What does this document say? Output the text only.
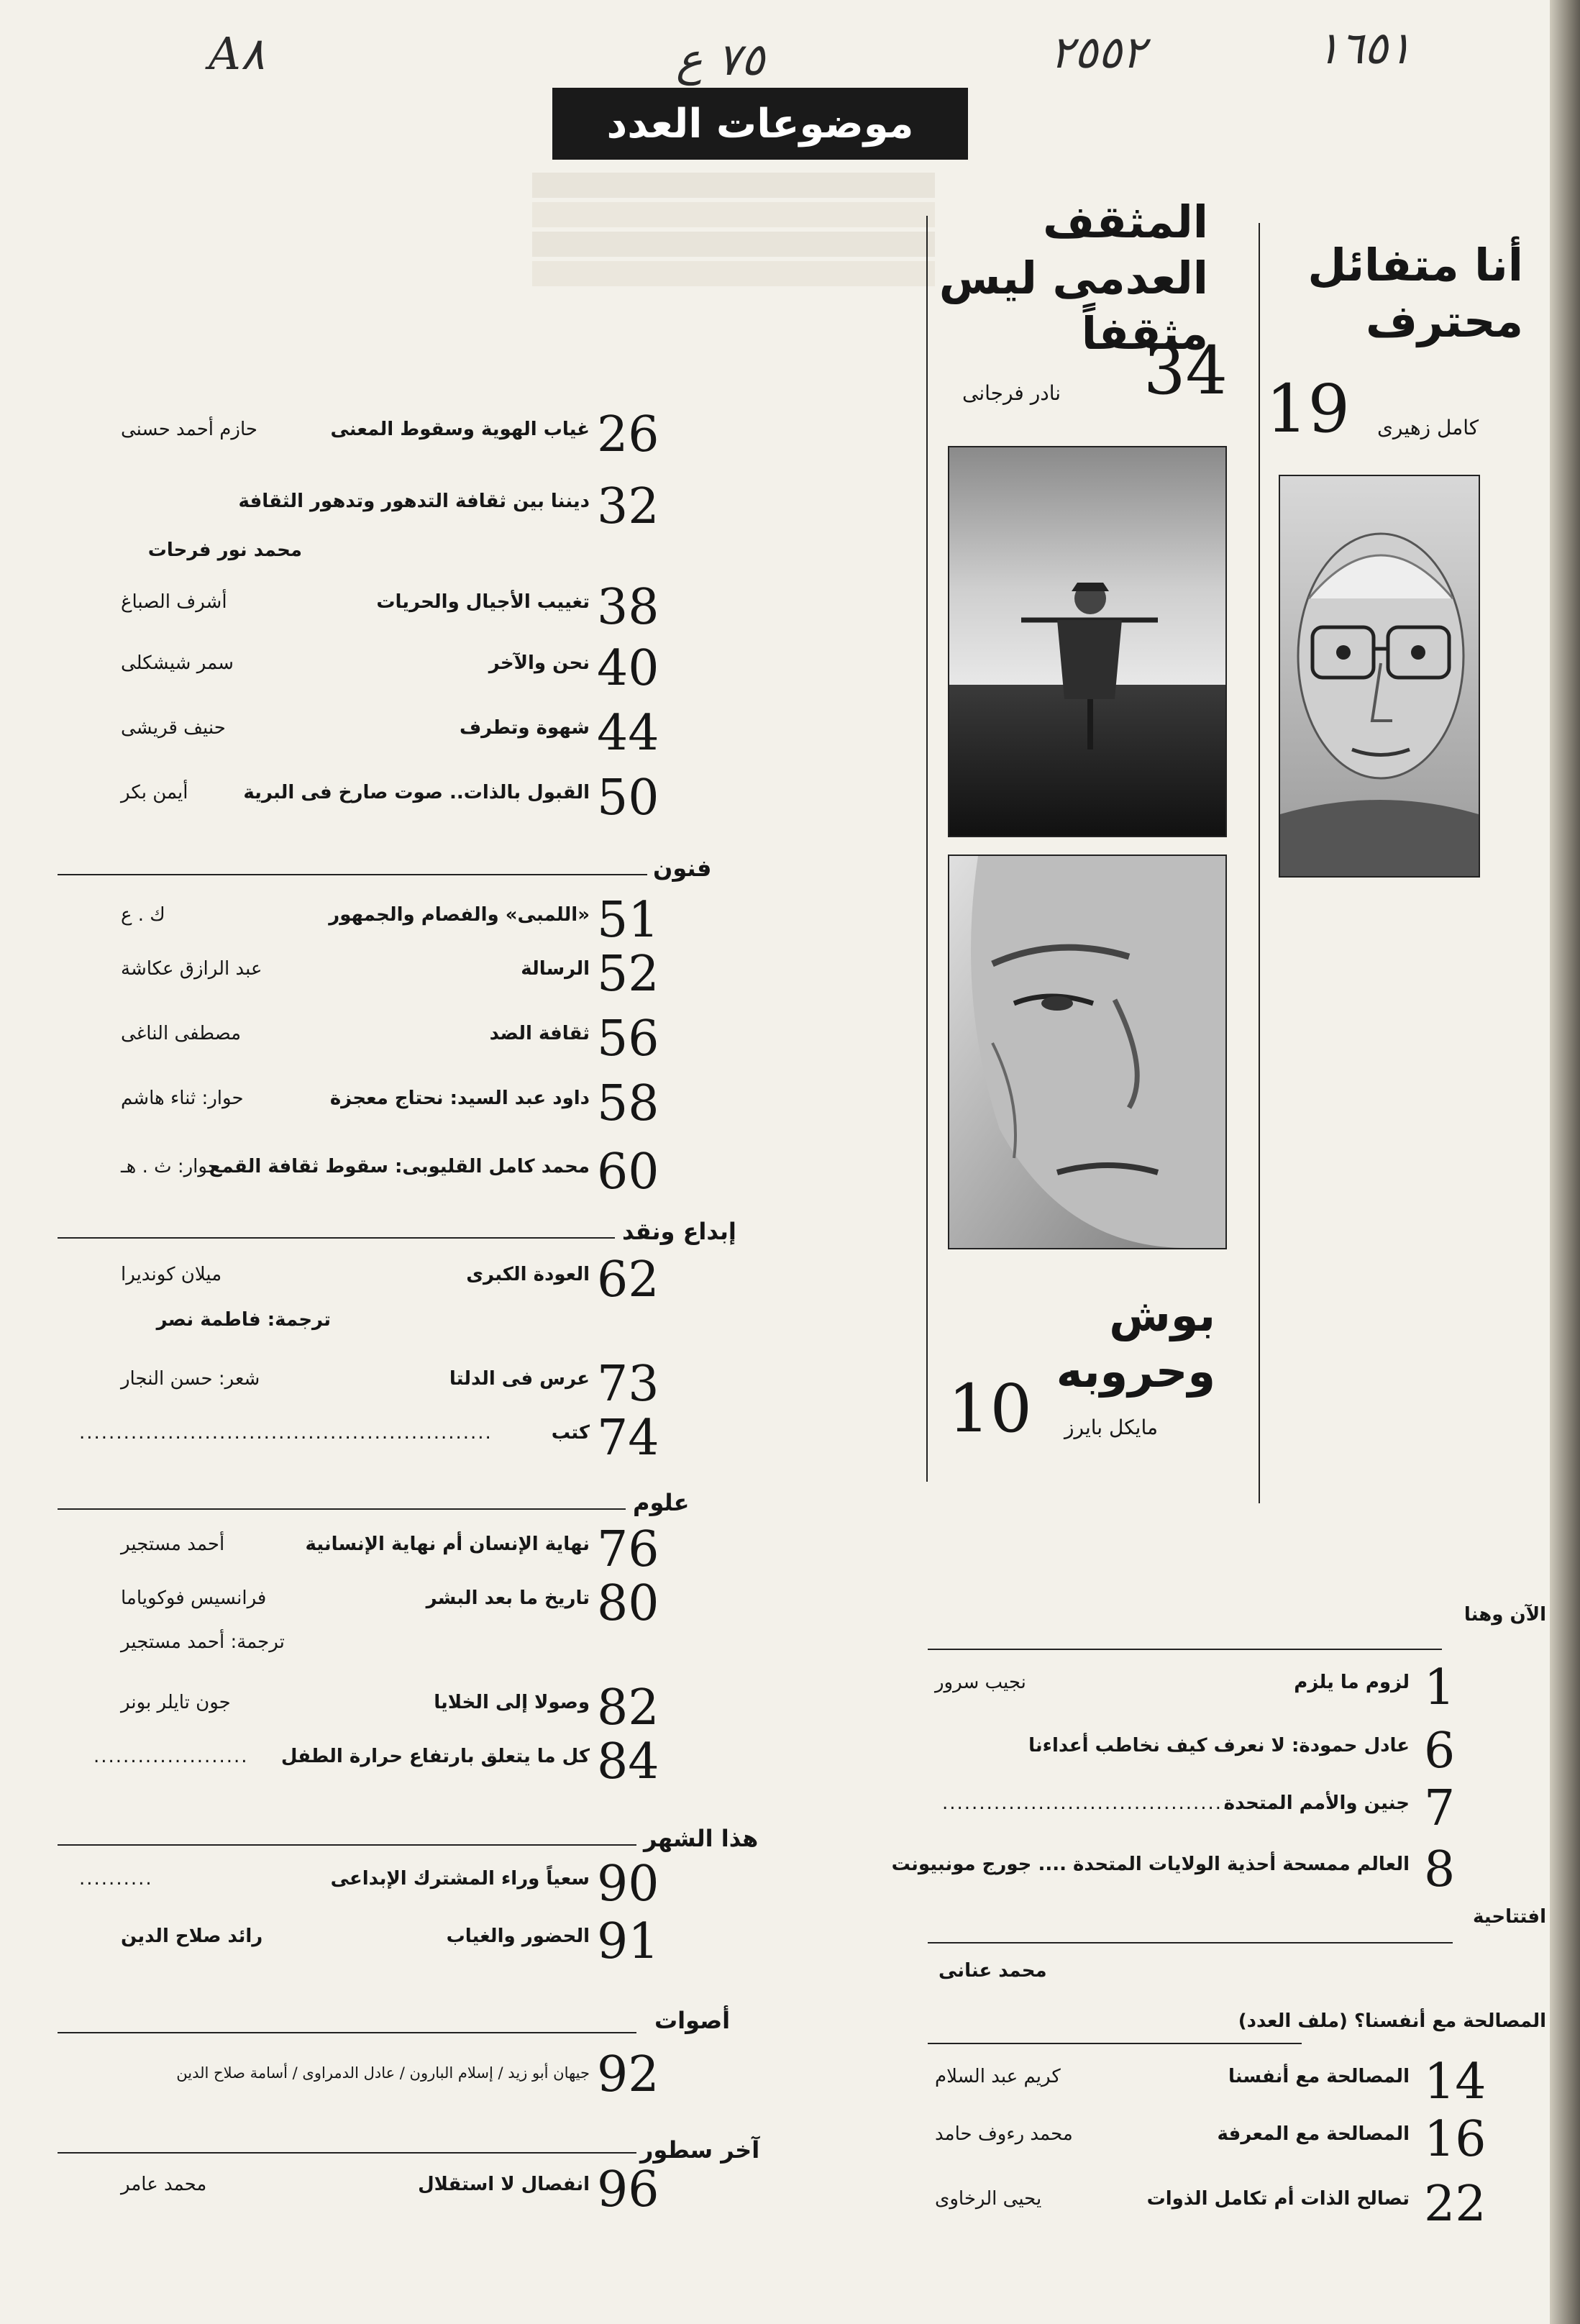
A٨	٧٥ ع	٢٥٥٢	١٦٥١
موضوعات العدد
أنا متفائل محترف
19 كامل زهيرى
المثقف العدمى ليس مثقفاً
34
نادر فرجانى
بوش وحروبه
10 مايكل بايرز
26
غياب الهوية وسقوط المعنى
حازم أحمد حسنى
32
ديننا بين ثقافة التدهور وتدهور الثقافة
محمد نور فرحات
38
تغييب الأجيال والحريات
أشرف الصباغ
40
نحن والآخر
سمر شيشكلى
44
شهوة وتطرف
حنيف قريشى
50
القبول بالذات.. صوت صارخ فى البرية
أيمن بكر
فنون
51
«اللمبى» والفصام والجمهور
ك . ع
52
الرسالة
عبد الرازق عكاشة
56
ثقافة الضد
مصطفى الناغى
58
داود عبد السيد: نحتاج معجزة
حوار: ثناء هاشم
60
محمد كامل القليوبى: سقوط ثقافة القمع
حوار: ث . هـ
إبداع ونقد
62
العودة الكبرى
ميلان كونديرا
ترجمة: فاطمة نصر
73
عرس فى الدلتا
شعر: حسن النجار
74
كتب
........................................................
علوم
76
نهاية الإنسان أم نهاية الإنسانية
أحمد مستجير
80
تاريخ ما بعد البشر
فرانسيس فوكوياما
ترجمة: أحمد مستجير
82
وصولا إلى الخلايا
جون تايلر بونر
84
كل ما يتعلق بارتفاع حرارة الطفل
.....................
هذا الشهر
90
سعياً وراء المشترك الإبداعى
..........
91
الحضور والغياب
رائد صلاح الدين
أصوات
92
جيهان أبو زيد / إسلام البارون / عادل الدمراوى / أسامة صلاح الدين
آخر سطور
96
انفصال لا استقلال
محمد عامر
الآن وهنا
1
لزوم ما يلزم
نجيب سرور
6
عادل حمودة: لا نعرف كيف نخاطب أعداءنا
7
جنين والأمم المتحدة
.......................................
8
العالم ممسحة أحذية الولايات المتحدة .... جورج مونبيونت
افتتاحية
محمد عنانى
المصالحة مع أنفسنا؟ (ملف العدد)
14
المصالحة مع أنفسنا
كريم عبد السلام
16
المصالحة مع المعرفة
محمد رءوف حامد
22
تصالح الذات أم تكامل الذوات
يحيى الرخاوى
